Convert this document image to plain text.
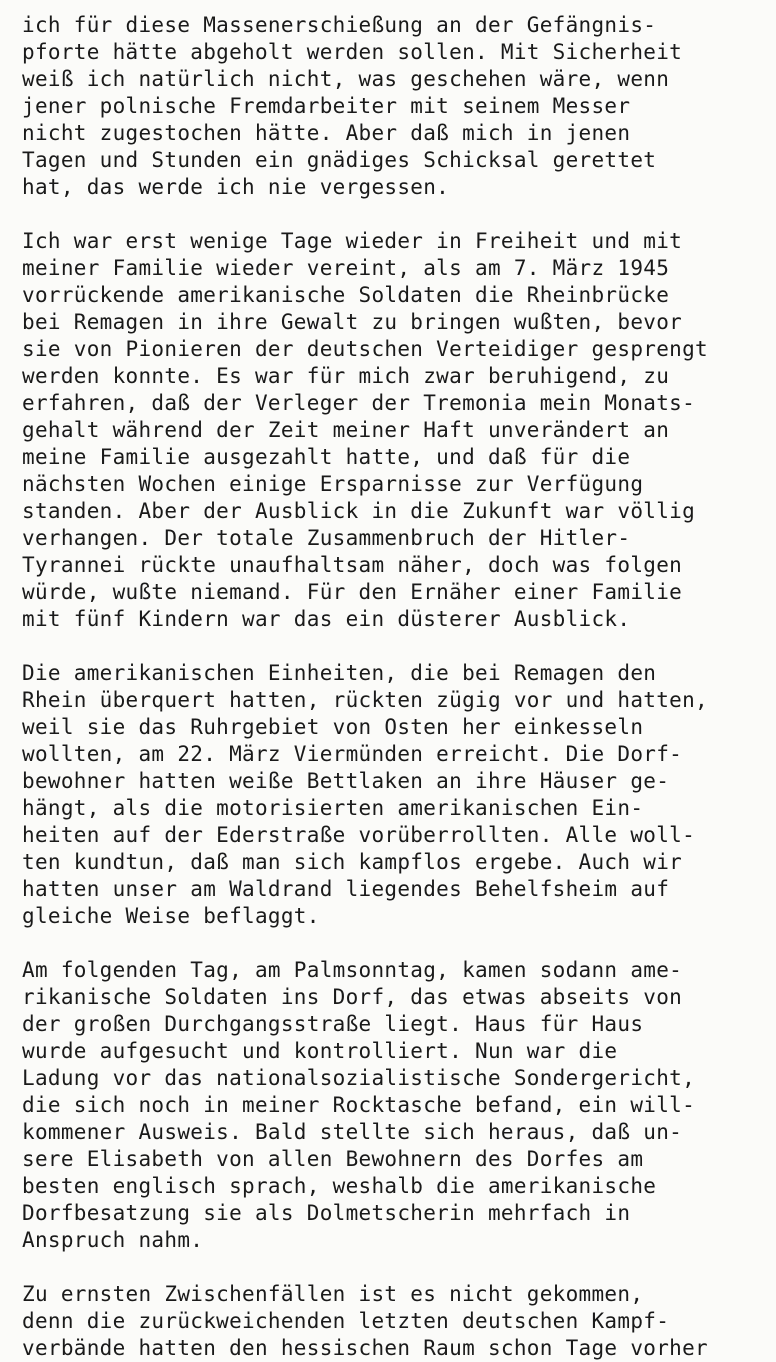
ich für diese Massenerschießung an der Gefängnis-
pforte hätte abgeholt werden sollen. Mit Sicherheit
weiß ich natürlich nicht, was geschehen wäre, wenn
jener polnische Fremdarbeiter mit seinem Messer
nicht zugestochen hätte. Aber daß mich in jenen
Tagen und Stunden ein gnädiges Schicksal gerettet
hat, das werde ich nie vergessen.
Ich war erst wenige Tage wieder in Freiheit und mit
meiner Familie wieder vereint, als am 7. März 1945
vorrückende amerikanische Soldaten die Rheinbrücke
bei Remagen in ihre Gewalt zu bringen wußten, bevor
sie von Pionieren der deutschen Verteidiger gesprengt
werden konnte. Es war für mich zwar beruhigend, zu
erfahren, daß der Verleger der Tremonia mein Monats-
gehalt während der Zeit meiner Haft unverändert an
meine Familie ausgezahlt hatte, und daß für die
nächsten Wochen einige Ersparnisse zur Verfügung
standen. Aber der Ausblick in die Zukunft war völlig
verhangen. Der totale Zusammenbruch der Hitler-
Tyrannei rückte unaufhaltsam näher, doch was folgen
würde, wußte niemand. Für den Ernäher einer Familie
mit fünf Kindern war das ein düsterer Ausblick.
Die amerikanischen Einheiten, die bei Remagen den
Rhein überquert hatten, rückten zügig vor und hatten,
weil sie das Ruhrgebiet von Osten her einkesseln
wollten, am 22. März Viermünden erreicht. Die Dorf-
bewohner hatten weiße Bettlaken an ihre Häuser ge-
hängt, als die motorisierten amerikanischen Ein-
heiten auf der Ederstraße vorüberrollten. Alle woll-
ten kundtun, daß man sich kampflos ergebe. Auch wir
hatten unser am Waldrand liegendes Behelfsheim auf
gleiche Weise beflaggt.
Am folgenden Tag, am Palmsonntag, kamen sodann ame-
rikanische Soldaten ins Dorf, das etwas abseits von
der großen Durchgangsstraße liegt. Haus für Haus
wurde aufgesucht und kontrolliert. Nun war die
Ladung vor das nationalsozialistische Sondergericht,
die sich noch in meiner Rocktasche befand, ein will-
kommener Ausweis. Bald stellte sich heraus, daß un-
sere Elisabeth von allen Bewohnern des Dorfes am
besten englisch sprach, weshalb die amerikanische
Dorfbesatzung sie als Dolmetscherin mehrfach in
Anspruch nahm.
Zu ernsten Zwischenfällen ist es nicht gekommen,
denn die zurückweichenden letzten deutschen Kampf-
verbände hatten den hessischen Raum schon Tage vorher
